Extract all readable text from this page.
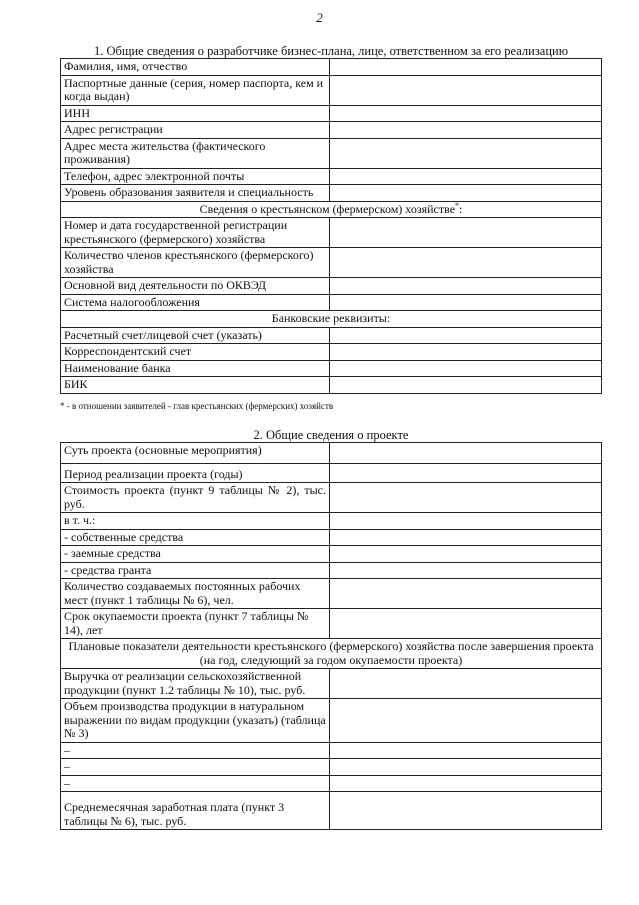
2
1. Общие сведения о разработчике бизнес-плана, лице, ответственном за его реализацию
Фамилия, имя, отчество	
Паспортные данные (серия, номер паспорта, кем и когда выдан)	
ИНН	
Адрес регистрации	
Адрес места жительства (фактического проживания)	
Телефон, адрес электронной почты	
Уровень образования заявителя и специальность	
Сведения о крестьянском (фермерском) хозяйстве*:	
Номер и дата государственной регистрации крестьянского (фермерского) хозяйства	
Количество членов крестьянского (фермерского) хозяйства	
Основной вид деятельности по ОКВЭД	
Система налогообложения	
Банковские реквизиты:	
Расчетный счет/лицевой счет (указать)	
Корреспондентский счет	
Наименование банка	
БИК	
* - в отношении заявителей - глав крестьянских (фермерских) хозяйств
2. Общие сведения о проекте
Суть проекта (основные мероприятия)	
Период реализации проекта (годы)	
Стоимость проекта (пункт 9 таблицы № 2), тыс. руб.	
в т. ч.:	
- собственные средства	
- заемные средства	
- средства гранта	
Количество создаваемых постоянных рабочих мест (пункт 1 таблицы № 6), чел.	
Срок окупаемости проекта (пункт 7 таблицы № 14), лет	
Плановые показатели деятельности крестьянского (фермерского) хозяйства после завершения проекта (на год, следующий за годом окупаемости проекта)	
Выручка от реализации сельскохозяйственной продукции (пункт 1.2 таблицы № 10), тыс. руб.	
Объем производства продукции в натуральном выражении по видам продукции (указать) (таблица № 3)	
–	
–	
–	
Среднемесячная заработная плата (пункт 3 таблицы № 6), тыс. руб.	
